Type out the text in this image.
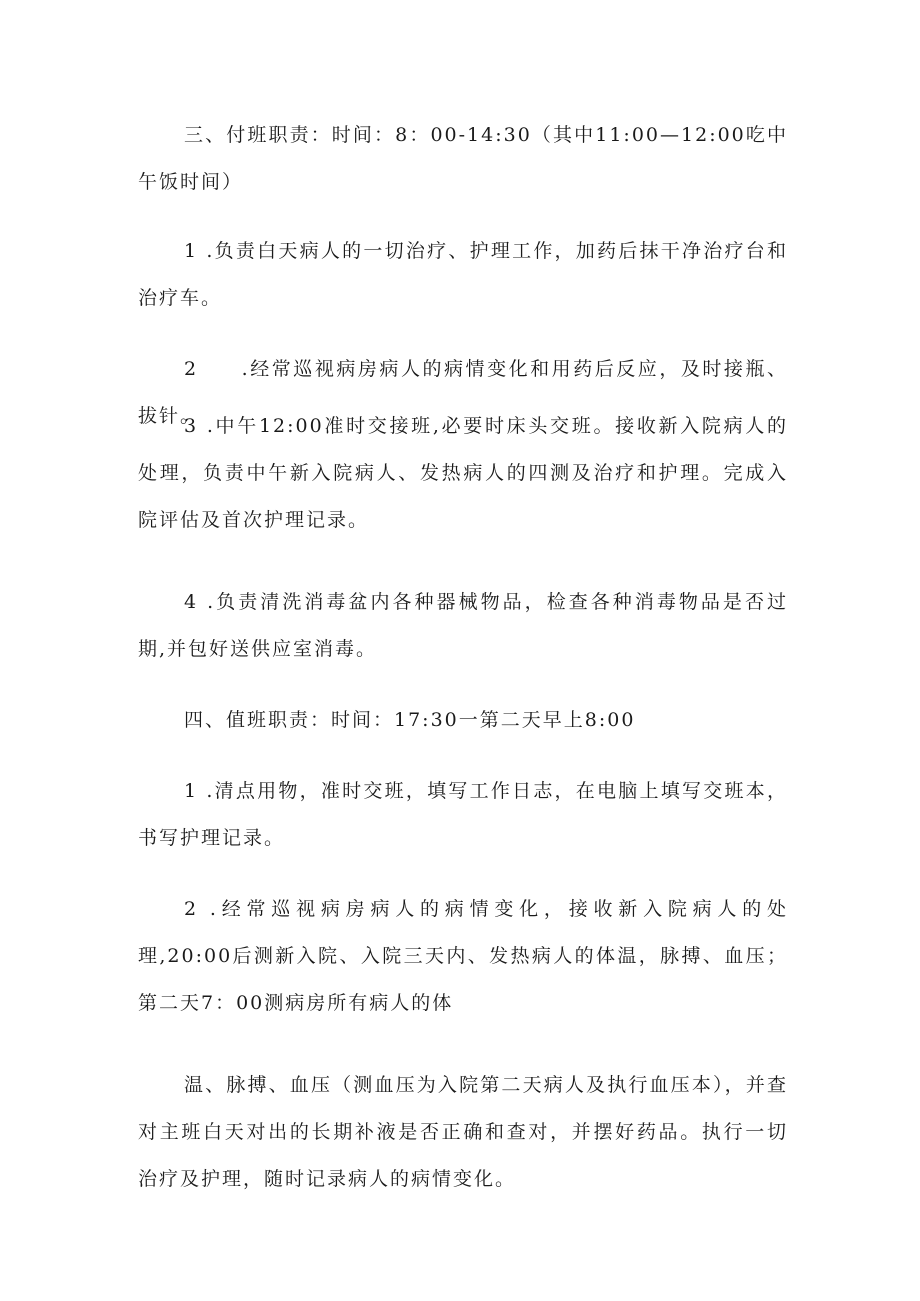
三、付班职责：时间：8：00-14:30（其中11:00—12:00吃中午饭时间）

1 .负责白天病人的一切治疗、护理工作，加药后抹干净治疗台和治疗车。

2　　.经常巡视病房病人的病情变化和用药后反应，及时接瓶、拔针。

3 .中午12:00准时交接班,必要时床头交班。接收新入院病人的处理，负责中午新入院病人、发热病人的四测及治疗和护理。完成入院评估及首次护理记录。

4 .负责清洗消毒盆内各种器械物品，检查各种消毒物品是否过期,并包好送供应室消毒。

四、值班职责：时间：17:30一第二天早上8:00

1 .清点用物，准时交班，填写工作日志，在电脑上填写交班本，书写护理记录。

2 .经常巡视病房病人的病情变化，接收新入院病人的处理,20:00后测新入院、入院三天内、发热病人的体温，脉搏、血压；第二天7：00测病房所有病人的体

温、脉搏、血压（测血压为入院第二天病人及执行血压本），并查对主班白天对出的长期补液是否正确和查对，并摆好药品。执行一切治疗及护理，随时记录病人的病情变化。
